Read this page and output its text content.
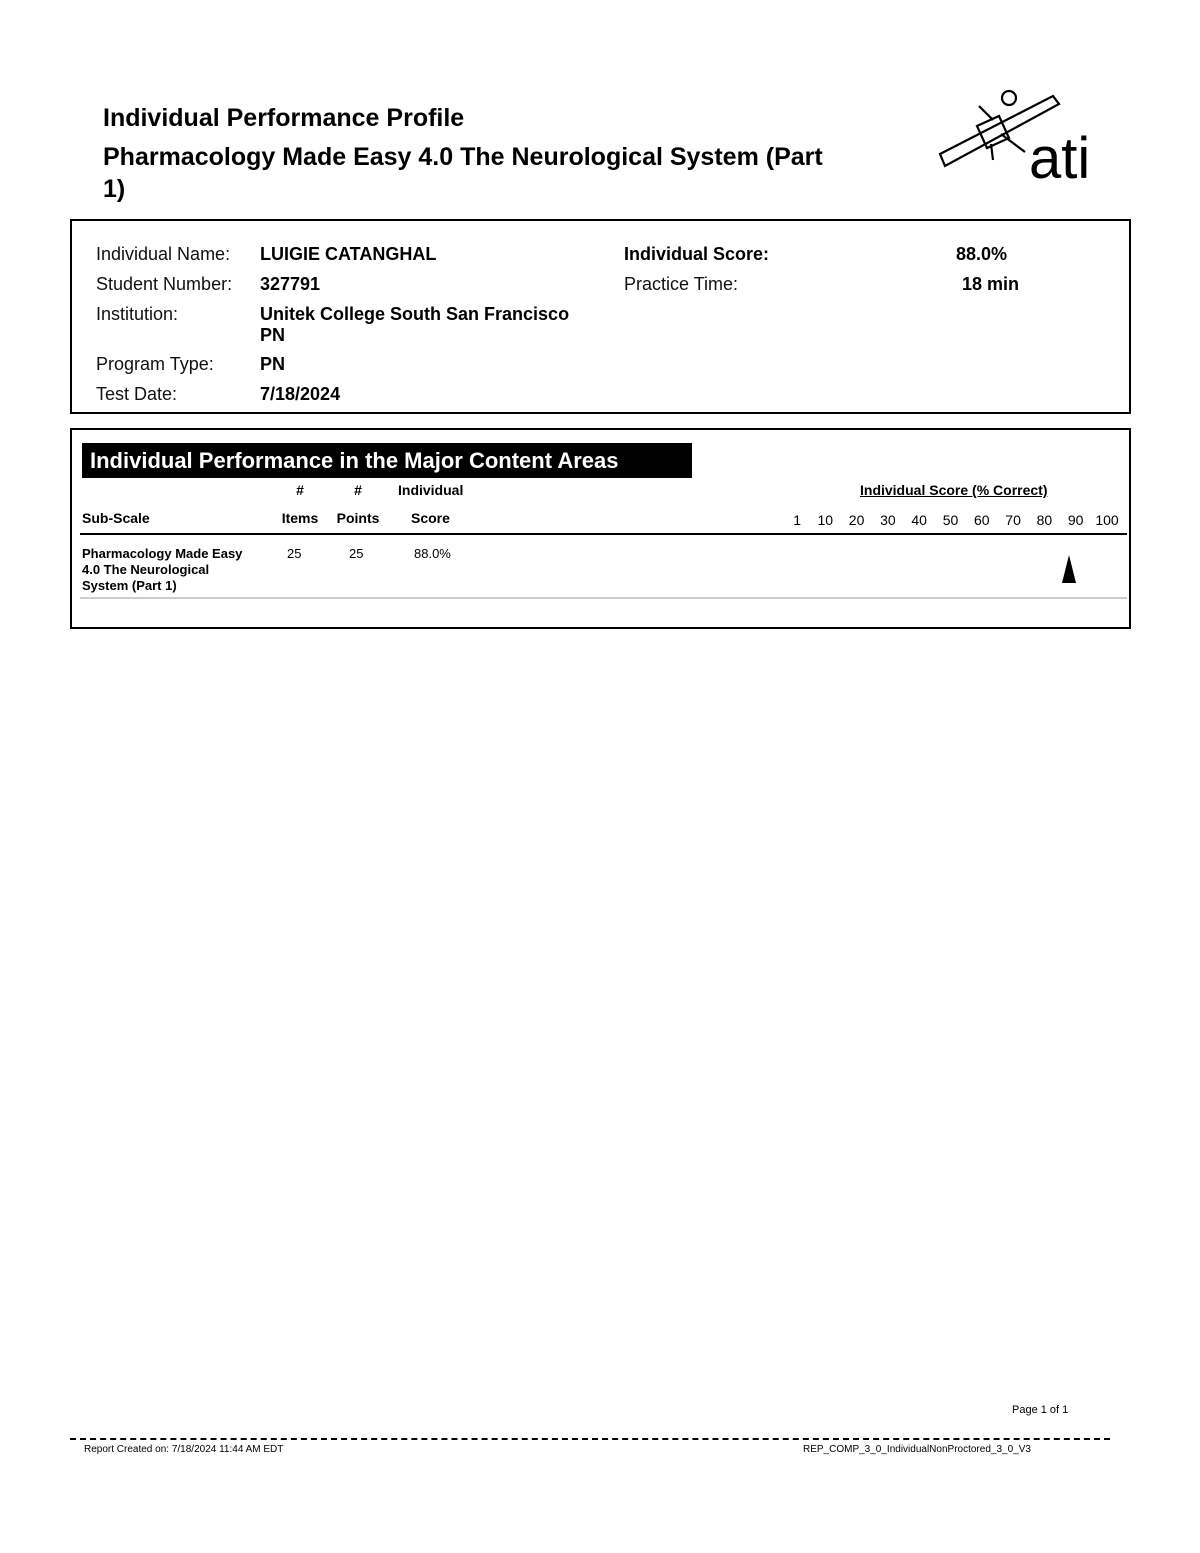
Individual Performance Profile
Pharmacology Made Easy 4.0 The Neurological System (Part
1)	ati
Individual Name: LUIGIE CATANGHAL
Student Number: 327791
Institution:	Unitek College South San Francisco
PN
Program Type:	PN
Test Date:	7/18/2024
Individual Score:	88.0%
Practice Time:	18 min
Individual Performance in the Major Content Areas
#	#	Individual	Individual Score (% Correct)
Sub-Scale	Items	Points Score	1	10	20	30	40	50	60	70	80	90 100
Pharmacology Made Easy
4.0 The Neurological
System (Part 1)
25	25	88.0%
Page 1 of 1
Report Created on: 7/18/2024 11:44 AM EDT	REP_COMP_3_0_IndividualNonProctored_3_0_V3
